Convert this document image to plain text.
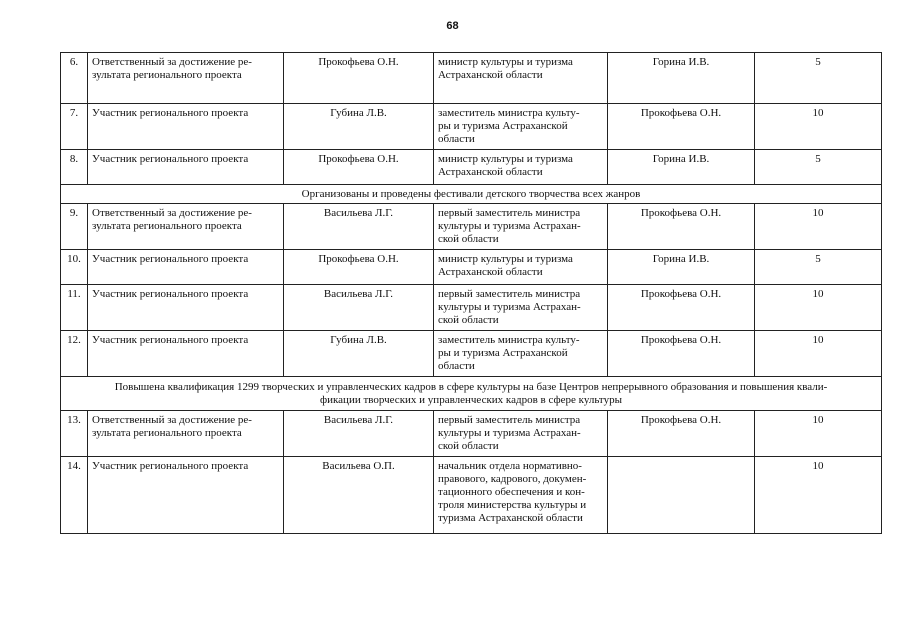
68
6.	Ответственный за достижение ре-
зультата регионального проекта	Прокофьева О.Н.	министр культуры и туризма
Астраханской области	Горина И.В.	5
7.	Участник регионального проекта	Губина Л.В.	заместитель министра культу-
ры и туризма Астраханской
области	Прокофьева О.Н.	10
8.	Участник регионального проекта	Прокофьева О.Н.	министр культуры и туризма
Астраханской области	Горина И.В.	5
Организованы и проведены фестивали детского творчества всех жанров					
9.	Ответственный за достижение ре-
зультата регионального проекта	Васильева Л.Г.	первый заместитель министра
культуры и туризма Астрахан-
ской области	Прокофьева О.Н.	10
10.	Участник регионального проекта	Прокофьева О.Н.	министр культуры и туризма
Астраханской области	Горина И.В.	5
11.	Участник регионального проекта	Васильева Л.Г.	первый заместитель министра
культуры и туризма Астрахан-
ской области	Прокофьева О.Н.	10
12.	Участник регионального проекта	Губина Л.В.	заместитель министра культу-
ры и туризма Астраханской
области	Прокофьева О.Н.	10
Повышена квалификация 1299 творческих и управленческих кадров в сфере культуры на базе Центров непрерывного образования и повышения квали-
фикации творческих и управленческих кадров в сфере культуры					
13.	Ответственный за достижение ре-
зультата регионального проекта	Васильева Л.Г.	первый заместитель министра
культуры и туризма Астрахан-
ской области	Прокофьева О.Н.	10
14.	Участник регионального проекта	Васильева О.П.	начальник отдела нормативно-
правового, кадрового, докумен-
тационного обеспечения и кон-
троля министерства культуры и
туризма Астраханской области		10
